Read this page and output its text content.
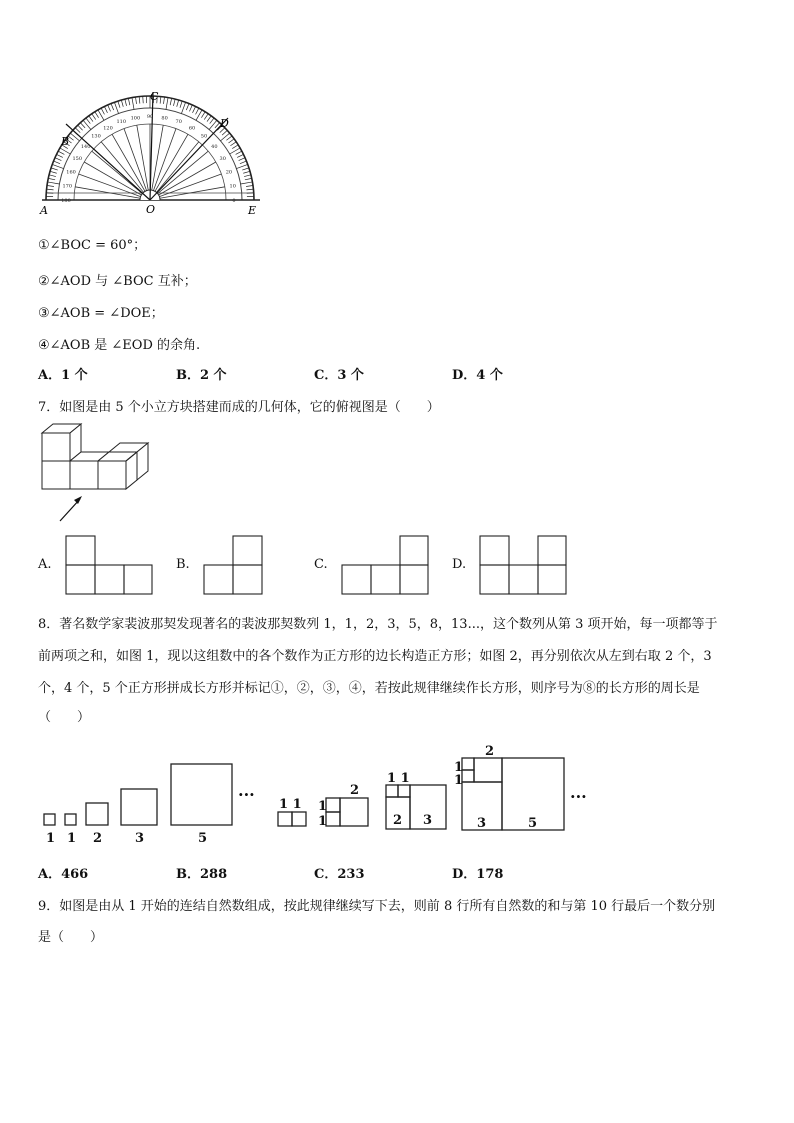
A
B
C
D
E
O
0
10
20
30
40
50
60
70
80
90
100
110
120
130
140
150
160
170
180
①∠BOC = 60°；
②∠AOD 与 ∠BOC 互补；
③∠AOB = ∠DOE；
④∠AOB 是 ∠EOD 的余角.
A．1 个	B．2 个	C．3 个	D．4 个
7．如图是由 5 个小立方块搭建而成的几何体，它的俯视图是（　　）
A.	B.	C.	D.
8．著名数学家裴波那契发现著名的裴波那契数列 1，1，2，3，5，8，13...，这个数列从第 3 项开始，每一项都等于
前两项之和，如图 1，现以这组数中的各个数作为正方形的边长构造正方形；如图 2，再分别依次从左到右取 2 个，3
个，4 个，5 个正方形拼成长方形并标记①，②，③，④，若按此规律继续作长方形，则序号为⑧的长方形的周长是
（　　）
1 1 2	3	5
···
1 1 1
1
2
1 1
2 3
1
1
2
3	5
···
A．466	B．288	C．233	D．178
9．如图是由从 1 开始的连结自然数组成，按此规律继续写下去，则前 8 行所有自然数的和与第 10 行最后一个数分别
是（　　）
